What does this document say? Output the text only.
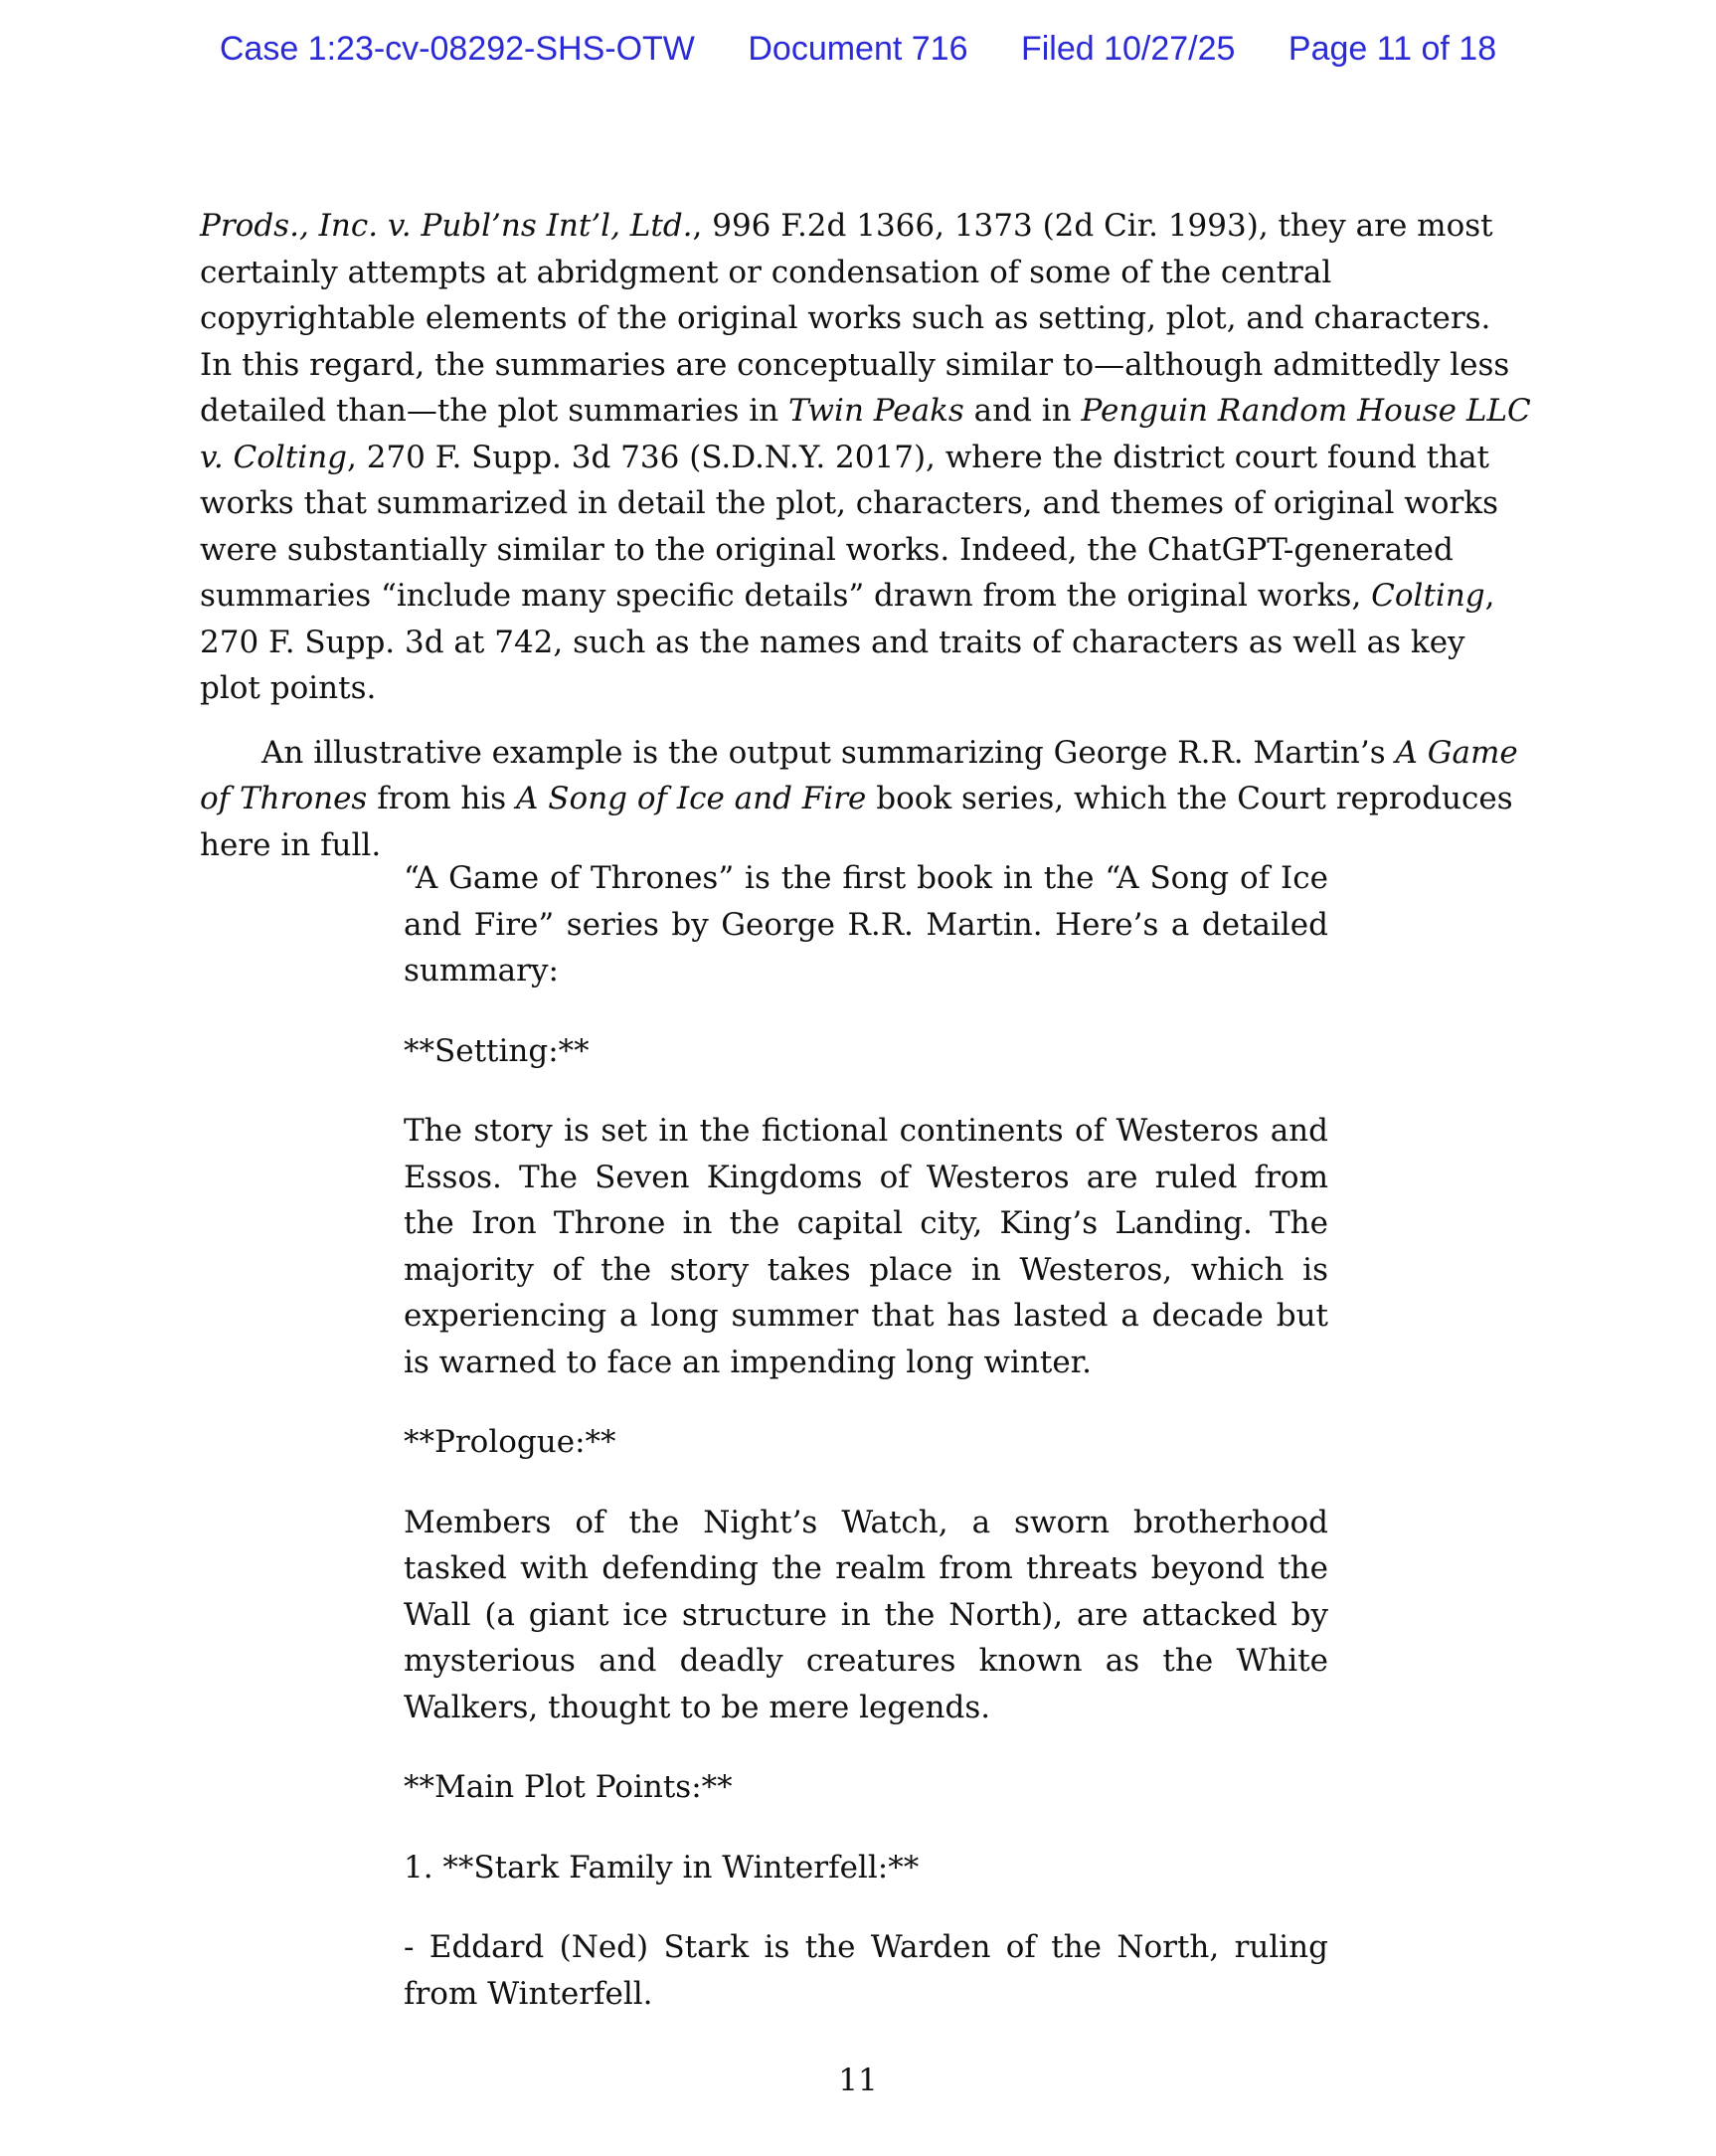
Case 1:23-cv-08292-SHS-OTW Document 716 Filed 10/27/25 Page 11 of 18

Prods., Inc. v. Publ’ns Int’l, Ltd., 996 F.2d 1366, 1373 (2d Cir. 1993), they are most certainly attempts at abridgment or condensation of some of the central copyrightable elements of the original works such as setting, plot, and characters. In this regard, the summaries are conceptually similar to—although admittedly less detailed than—the plot summaries in Twin Peaks and in Penguin Random House LLC v. Colting, 270 F. Supp. 3d 736 (S.D.N.Y. 2017), where the district court found that works that summarized in detail the plot, characters, and themes of original works were substantially similar to the original works. Indeed, the ChatGPT-generated summaries “include many specific details” drawn from the original works, Colting, 270 F. Supp. 3d at 742, such as the names and traits of characters as well as key plot points.

An illustrative example is the output summarizing George R.R. Martin’s A Game of Thrones from his A Song of Ice and Fire book series, which the Court reproduces here in full.

“A Game of Thrones” is the first book in the “A Song of Ice and Fire” series by George R.R. Martin. Here’s a detailed summary:

**Setting:**

The story is set in the fictional continents of Westeros and Essos. The Seven Kingdoms of Westeros are ruled from the Iron Throne in the capital city, King’s Landing. The majority of the story takes place in Westeros, which is experiencing a long summer that has lasted a decade but is warned to face an impending long winter.

**Prologue:**

Members of the Night’s Watch, a sworn brotherhood tasked with defending the realm from threats beyond the Wall (a giant ice structure in the North), are attacked by mysterious and deadly creatures known as the White Walkers, thought to be mere legends.

**Main Plot Points:**

1. **Stark Family in Winterfell:**

- Eddard (Ned) Stark is the Warden of the North, ruling from Winterfell.

11
